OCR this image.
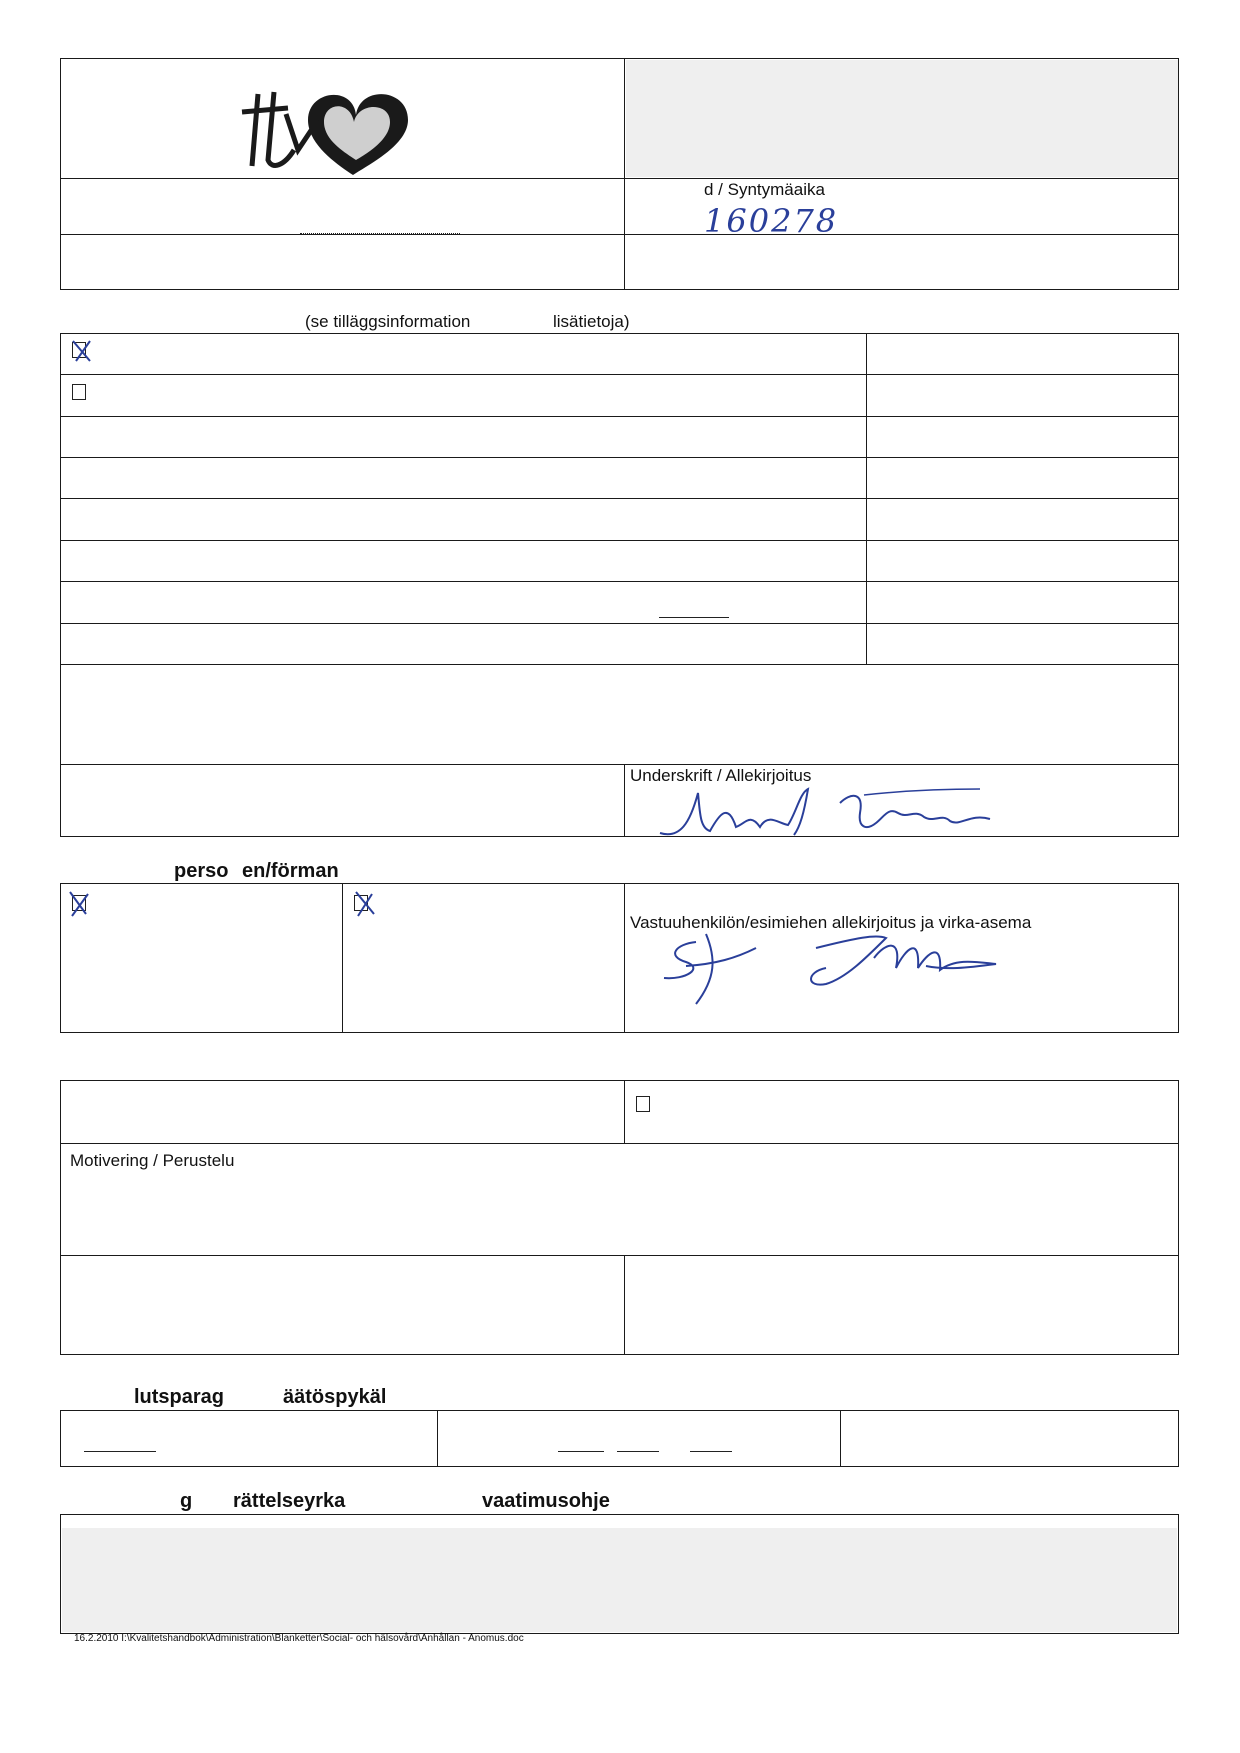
d / Syntymäaika
160278
(se tilläggsinformation	lisätietoja)
Underskrift / Allekirjoitus
perso en/förman
Vastuuhenkilön/esimiehen allekirjoitus ja virka-asema
Motivering / Perustelu
lutsparag	äätöspykäl
g rättelseyrka	vaatimusohje
16.2.2010 I:\Kvalitetshandbok\Administration\Blanketter\Social- och hälsovård\Anhållan - Anomus.doc
